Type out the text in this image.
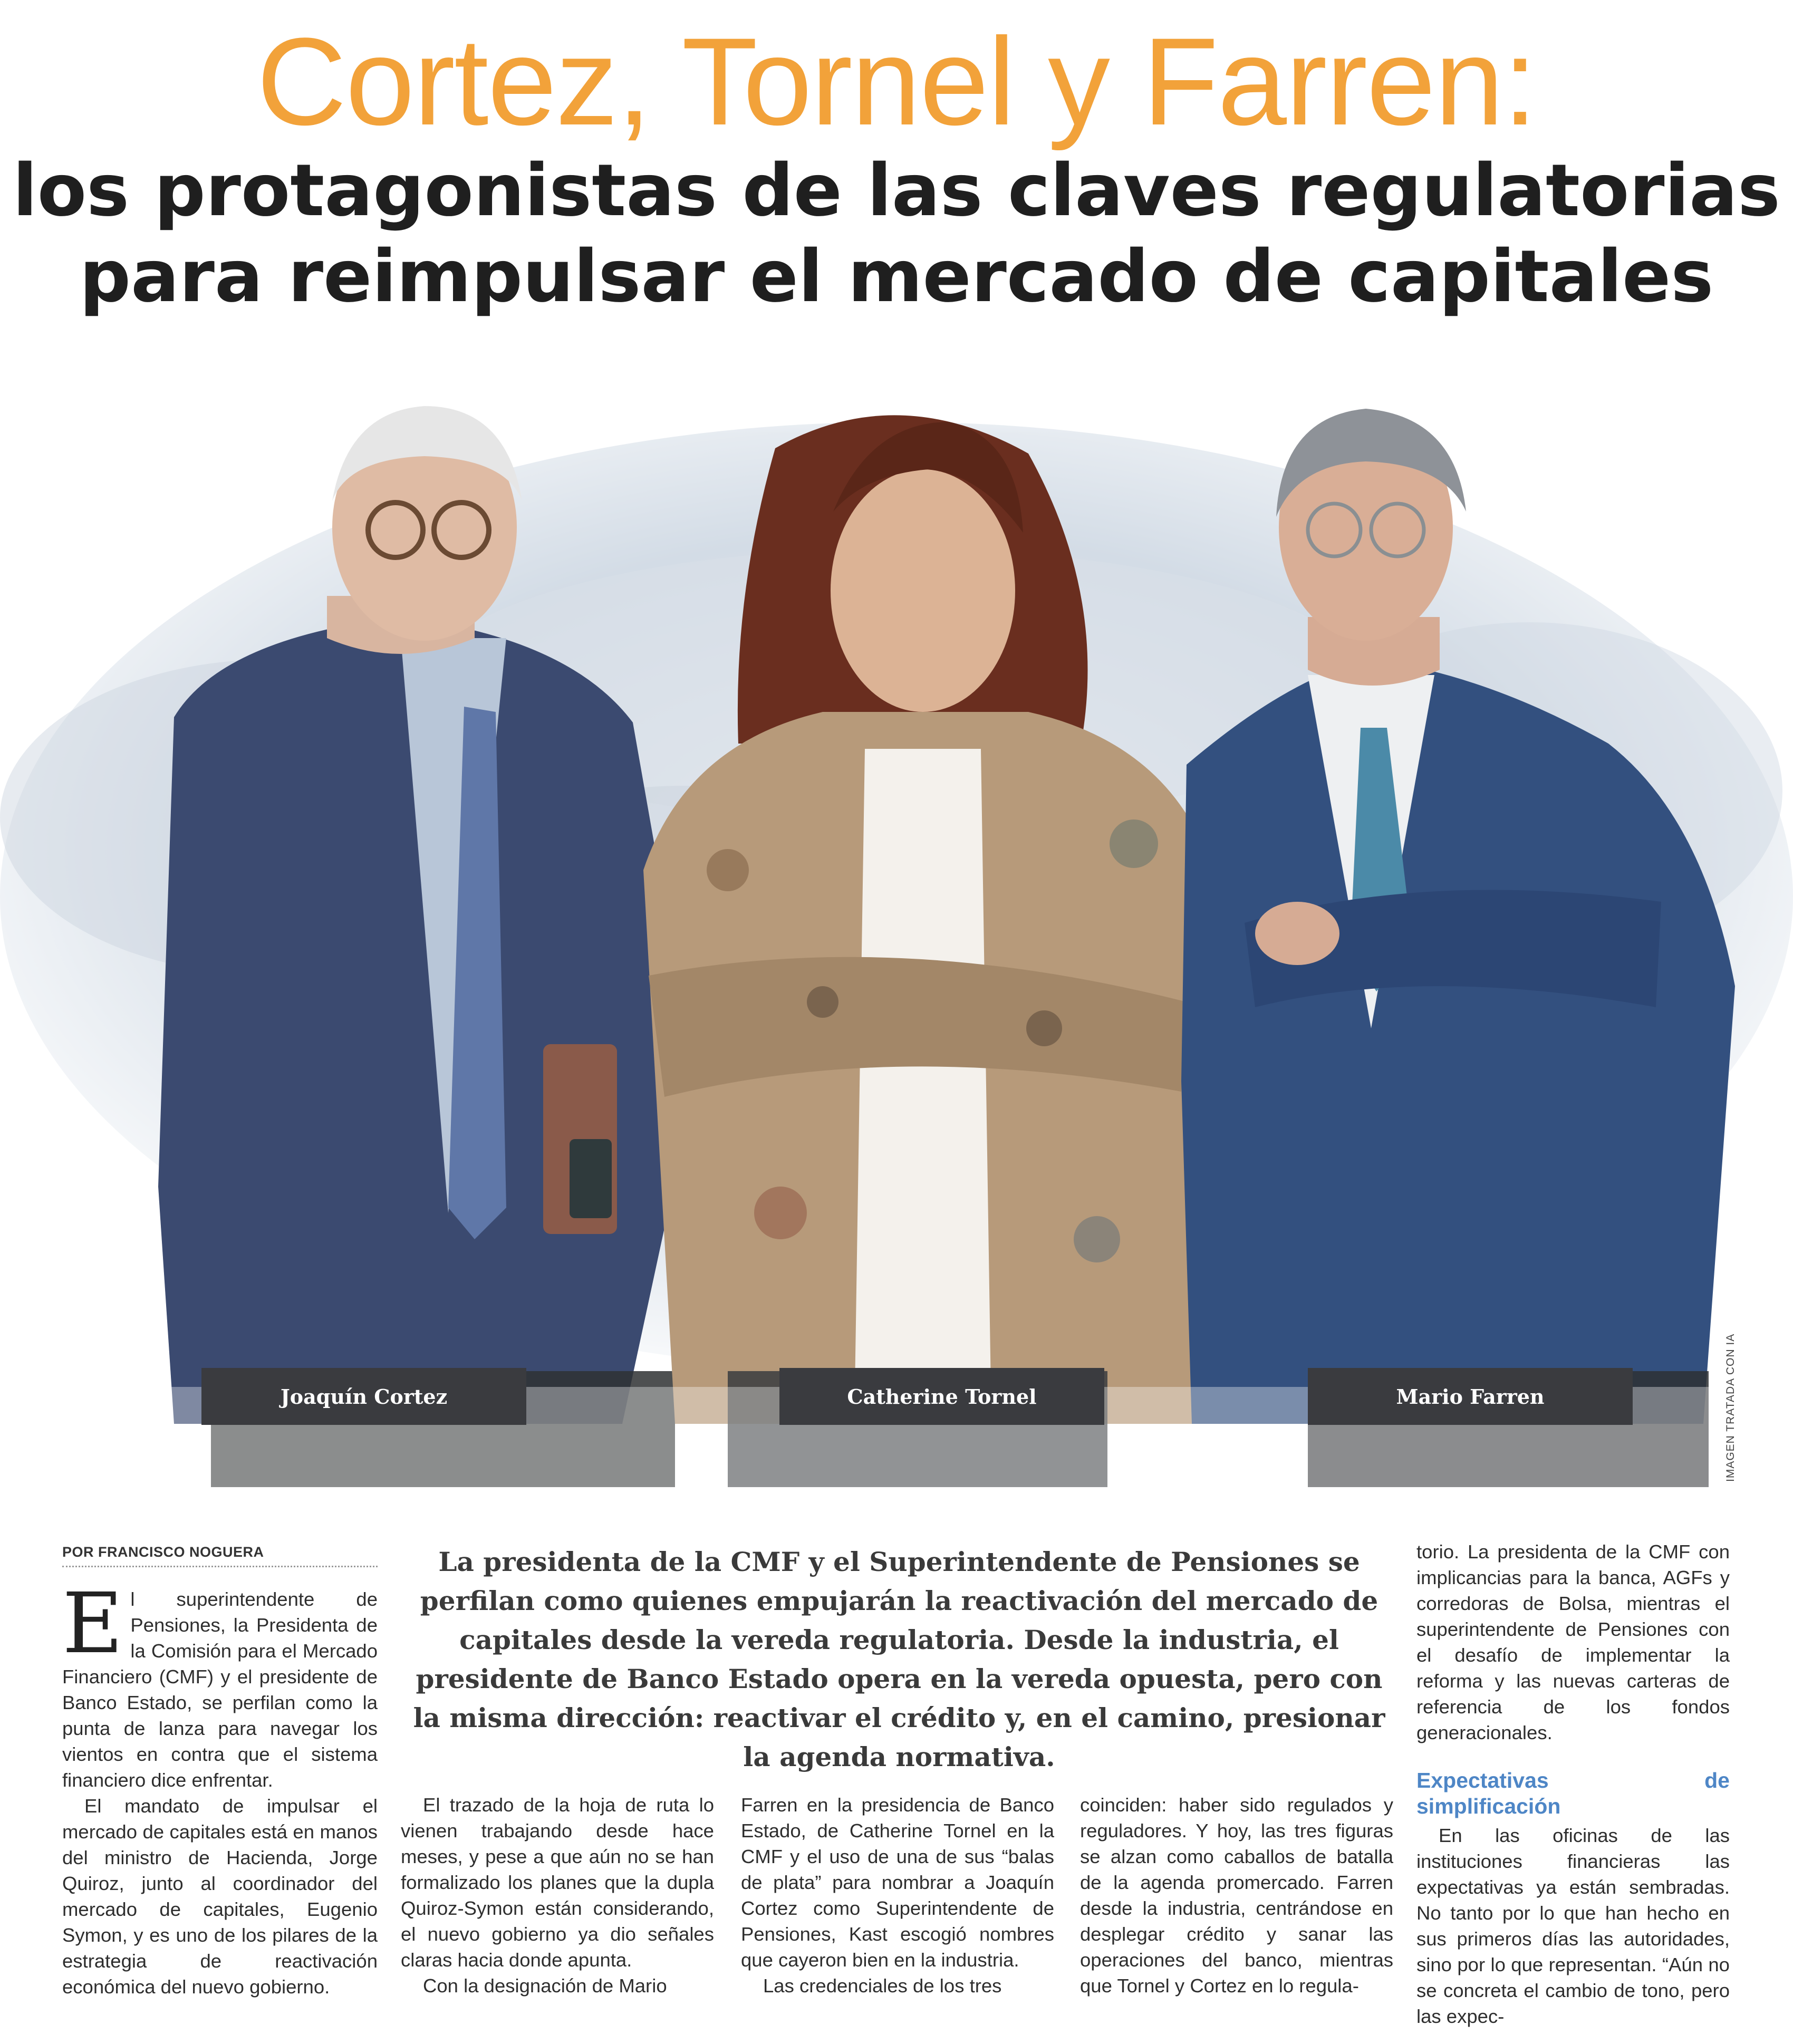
Cortez, Tornel y Farren:
los protagonistas de las claves regulatorias
para reimpulsar el mercado de capitales
Joaquín Cortez	Catherine Tornel	Mario Farren	IMAGEN TRATADA CON IA
POR FRANCISCO NOGUERA

El superintendente de Pensiones, la Presidenta de la Comisión para el Mercado Financiero (CMF) y el presidente de Banco Estado, se perfilan como la punta de lanza para navegar los vientos en contra que el sistema financiero dice enfrentar.

El mandato de impulsar el mercado de capitales está en manos del ministro de Hacienda, Jorge Quiroz, junto al coordinador del mercado de capitales, Eugenio Symon, y es uno de los pilares de la estrategia de reactivación económica del nuevo gobierno.

La presidenta de la CMF y el Superintendente de Pensiones se perfilan como quienes empujarán la reactivación del mercado de capitales desde la vereda regulatoria. Desde la industria, el presidente de Banco Estado opera en la vereda opuesta, pero con la misma dirección: reactivar el crédito y, en el camino, presionar la agenda normativa.

El trazado de la hoja de ruta lo vienen trabajando desde hace meses, y pese a que aún no se han formalizado los planes que la dupla Quiroz-Symon están considerando, el nuevo gobierno ya dio señales claras hacia donde apunta.

Con la designación de Mario

Farren en la presidencia de Banco Estado, de Catherine Tornel en la CMF y el uso de una de sus “balas de plata” para nombrar a Joaquín Cortez como Superintendente de Pensiones, Kast escogió nombres que cayeron bien en la industria.

Las credenciales de los tres

coinciden: haber sido regulados y reguladores. Y hoy, las tres figuras se alzan como caballos de batalla de la agenda promercado. Farren desde la industria, centrándose en desplegar crédito y sanar las operaciones del banco, mientras que Tornel y Cortez en lo regula-

torio. La presidenta de la CMF con implicancias para la banca, AGFs y corredoras de Bolsa, mientras el superintendente de Pensiones con el desafío de implementar la reforma y las nuevas carteras de referencia de los fondos generacionales.

Expectativas de simplificación

En las oficinas de las instituciones financieras las expectativas ya están sembradas. No tanto por lo que han hecho en sus primeros días las autoridades, sino por lo que representan. “Aún no se concreta el cambio de tono, pero las expec-
